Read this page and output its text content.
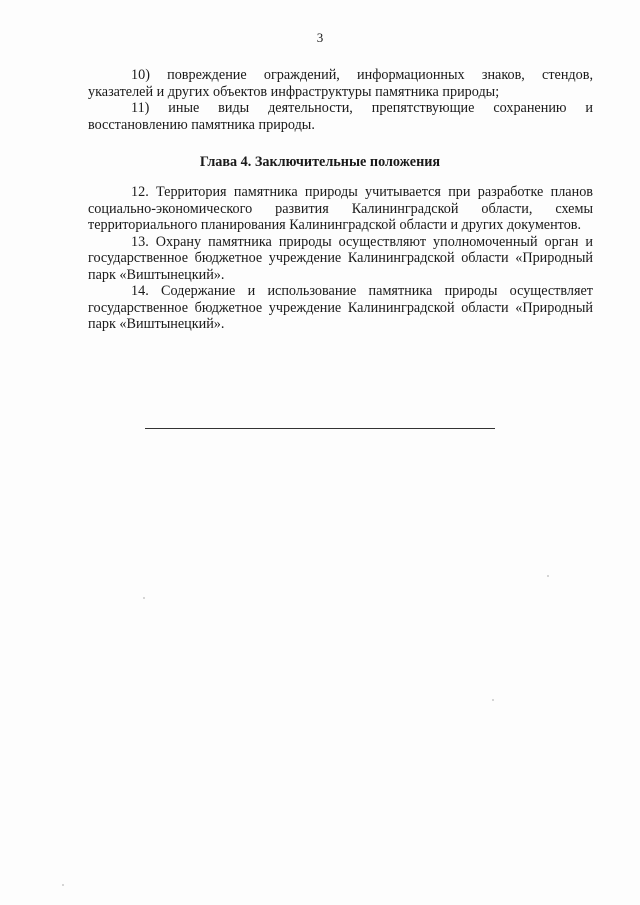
3

10) повреждение ограждений, информационных знаков, стендов, указателей и других объектов инфраструктуры памятника природы;

11) иные виды деятельности, препятствующие сохранению и восстановлению памятника природы.

Глава 4. Заключительные положения

12. Территория памятника природы учитывается при разработке планов социально-экономического развития Калининградской области, схемы территориального планирования Калининградской области и других документов.

13. Охрану памятника природы осуществляют уполномоченный орган и государственное бюджетное учреждение Калининградской области «Природный парк «Виштынецкий».

14. Содержание и использование памятника природы осуществляет государственное бюджетное учреждение Калининградской области «Природный парк «Виштынецкий».
